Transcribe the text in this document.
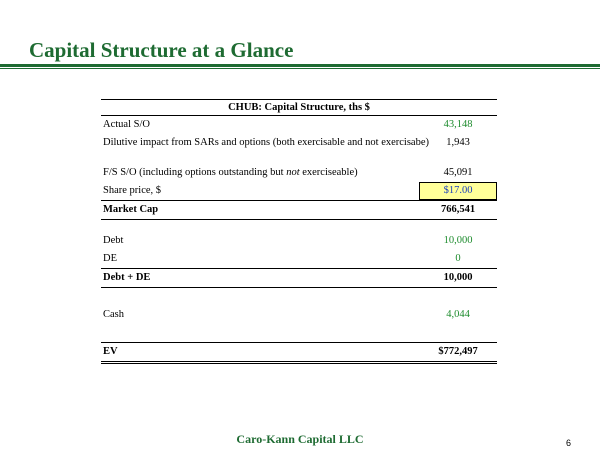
Capital Structure at a Glance
CHUB: Capital Structure, ths $
Actual S/O	43,148
Dilutive impact from SARs and options (both exercisable and not exercisabe)	1,943
F/S S/O (including options outstanding but not exerciseable)	45,091
Share price, $	$17.00
Market Cap	766,541
Debt	10,000
DE	0
Debt + DE	10,000
Cash	4,044
EV	$772,497
Caro-Kann Capital LLC	6
